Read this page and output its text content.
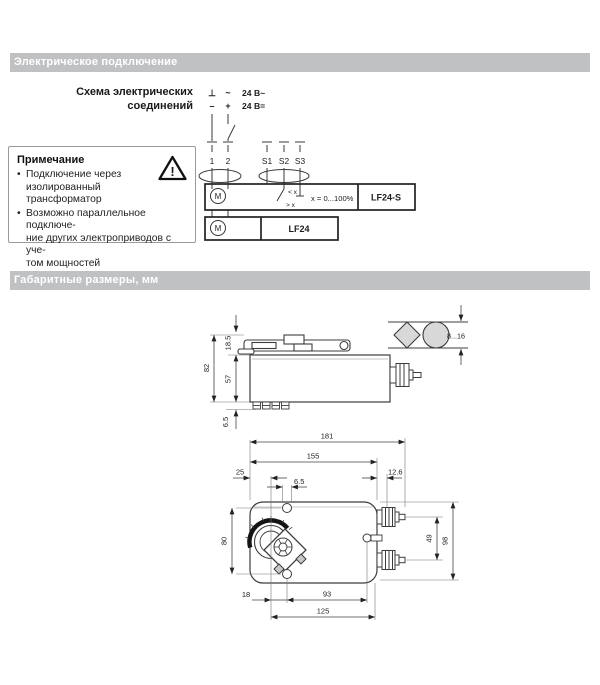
Электрическое подключение
Схема электрических
соединений
⊥ ~ 24 В~
– + 24 В=
1 2	S1 S2 S3
M
M
< x
> x
x = 0...100% LF24-S
LF24
Примечание
• Подключение через изолированный
трансформатор
• Возможно параллельное подключе-
ние других электроприводов с уче-
том мощностей
!
Габаритные размеры, мм
8...16
82
18.5
57
6.5
181
155
25
6.5
12.6
80	49 98
18	93
125
